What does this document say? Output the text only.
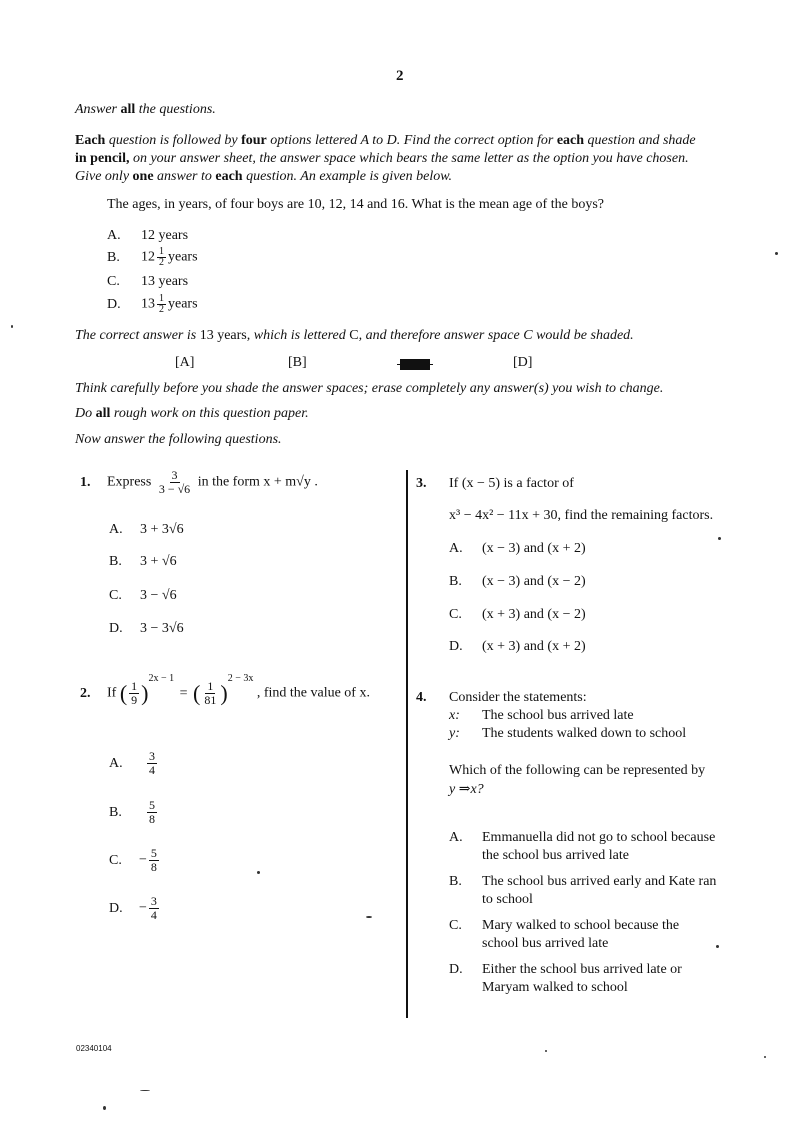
2
Answer all the questions.
Each question is followed by four options lettered A to D. Find the correct option for each question and shade
in pencil, on your answer sheet, the answer space which bears the same letter as the option you have chosen.
Give only one answer to each question. An example is given below.
The ages, in years, of four boys are 10, 12, 14 and 16. What is the mean age of the boys?
A. 12 years
B. $12 \frac{1}{2}$ years
C. 13 years
D. $13 \frac{1}{2}$ years
The correct answer is 13 years, which is lettered C, and therefore answer space C would be shaded.
[A]	[B]	[D]
Think carefully before you shade the answer spaces; erase completely any answer(s) you wish to change.
Do all rough work on this question paper.
Now answer the following questions.
1. Express $\frac{3}{3 - √6}$ in the form x + m√y .
A. 3 + 3√6
B. 3 + √6
C. 3 − √6
D. 3 − 3√6
2. If ( $\frac{1}{9} )^{2x - 1}$ = ( $\frac{1}{81} )^{2 - 3x}$ , find the value of x.
A. $\frac{3}{4}$
B. $\frac{5}{8}$
C. − $\frac{5}{8}$
D. − $\frac{3}{4}$
3. If (x − 5) is a factor of
x³ − 4x² − 11x + 30, find the remaining factors.
A. (x − 3) and (x + 2)
B. (x − 3) and (x − 2)
C. (x + 3) and (x − 2)
D. (x + 3) and (x + 2)
4. Consider the statements:
x: The school bus arrived late
y: The students walked down to school
Which of the following can be represented by
y ⇒x?
A. Emmanuella did not go to school because
the school bus arrived late
B. The school bus arrived early and Kate ran
to school
C. Mary walked to school because the
school bus arrived late
D. Either the school bus arrived late or
Maryam walked to school
02340104
